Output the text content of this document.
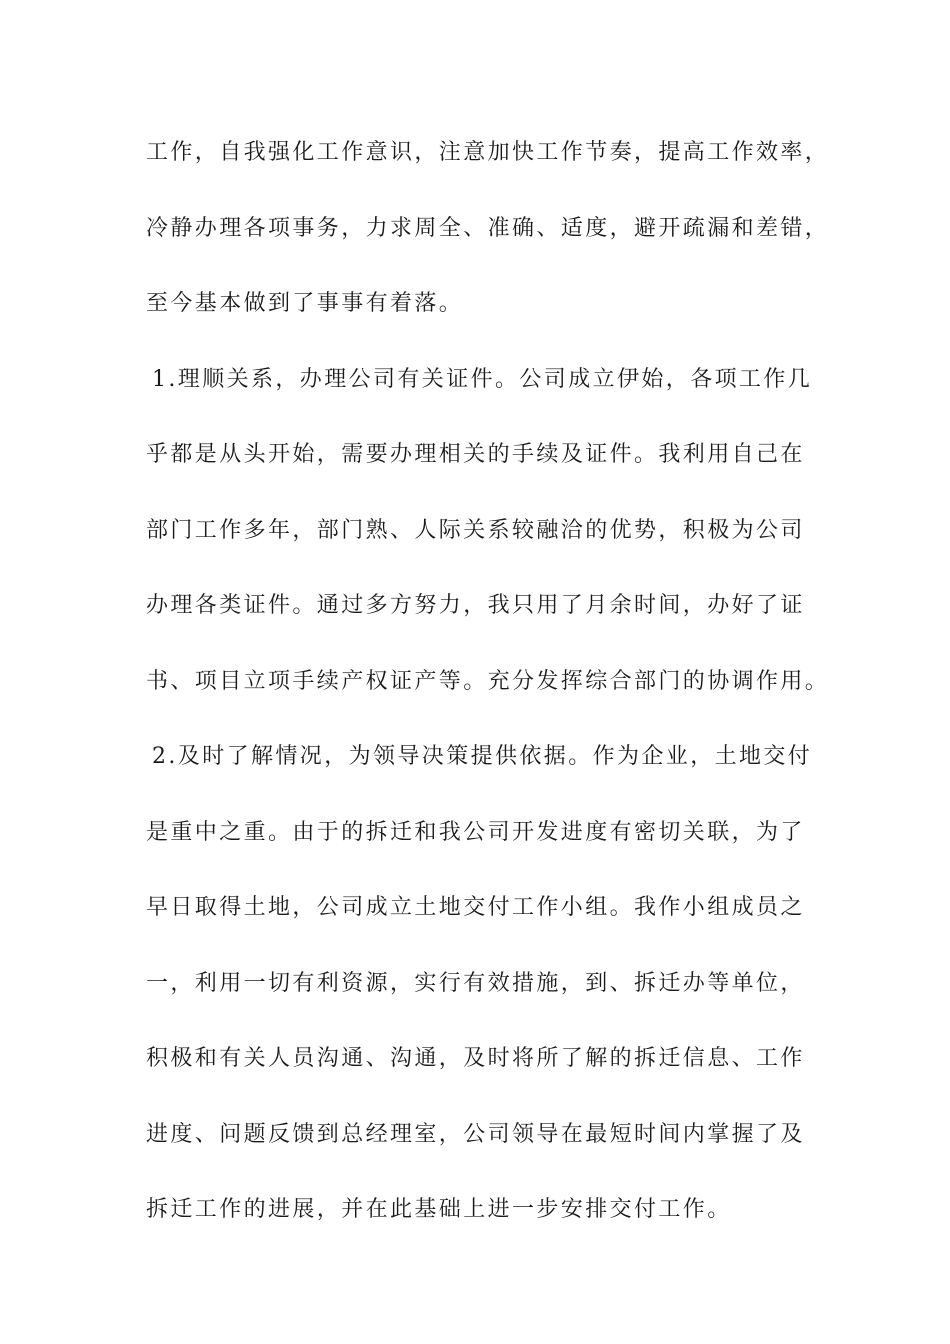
工作，自我强化工作意识，注意加快工作节奏，提高工作效率，
冷静办理各项事务，力求周全、准确、适度，避开疏漏和差错，
至今基本做到了事事有着落。
1.理顺关系，办理公司有关证件。公司成立伊始，各项工作几
乎都是从头开始，需要办理相关的手续及证件。我利用自己在
部门工作多年，部门熟、人际关系较融洽的优势，积极为公司
办理各类证件。通过多方努力，我只用了月余时间，办好了证
书、项目立项手续产权证产等。充分发挥综合部门的协调作用。
2.及时了解情况，为领导决策提供依据。作为企业，土地交付
是重中之重。由于的拆迁和我公司开发进度有密切关联，为了
早日取得土地，公司成立土地交付工作小组。我作小组成员之
一，利用一切有利资源，实行有效措施，到、拆迁办等单位，
积极和有关人员沟通、沟通，及时将所了解的拆迁信息、工作
进度、问题反馈到总经理室，公司领导在最短时间内掌握了及
拆迁工作的进展，并在此基础上进一步安排交付工作。
